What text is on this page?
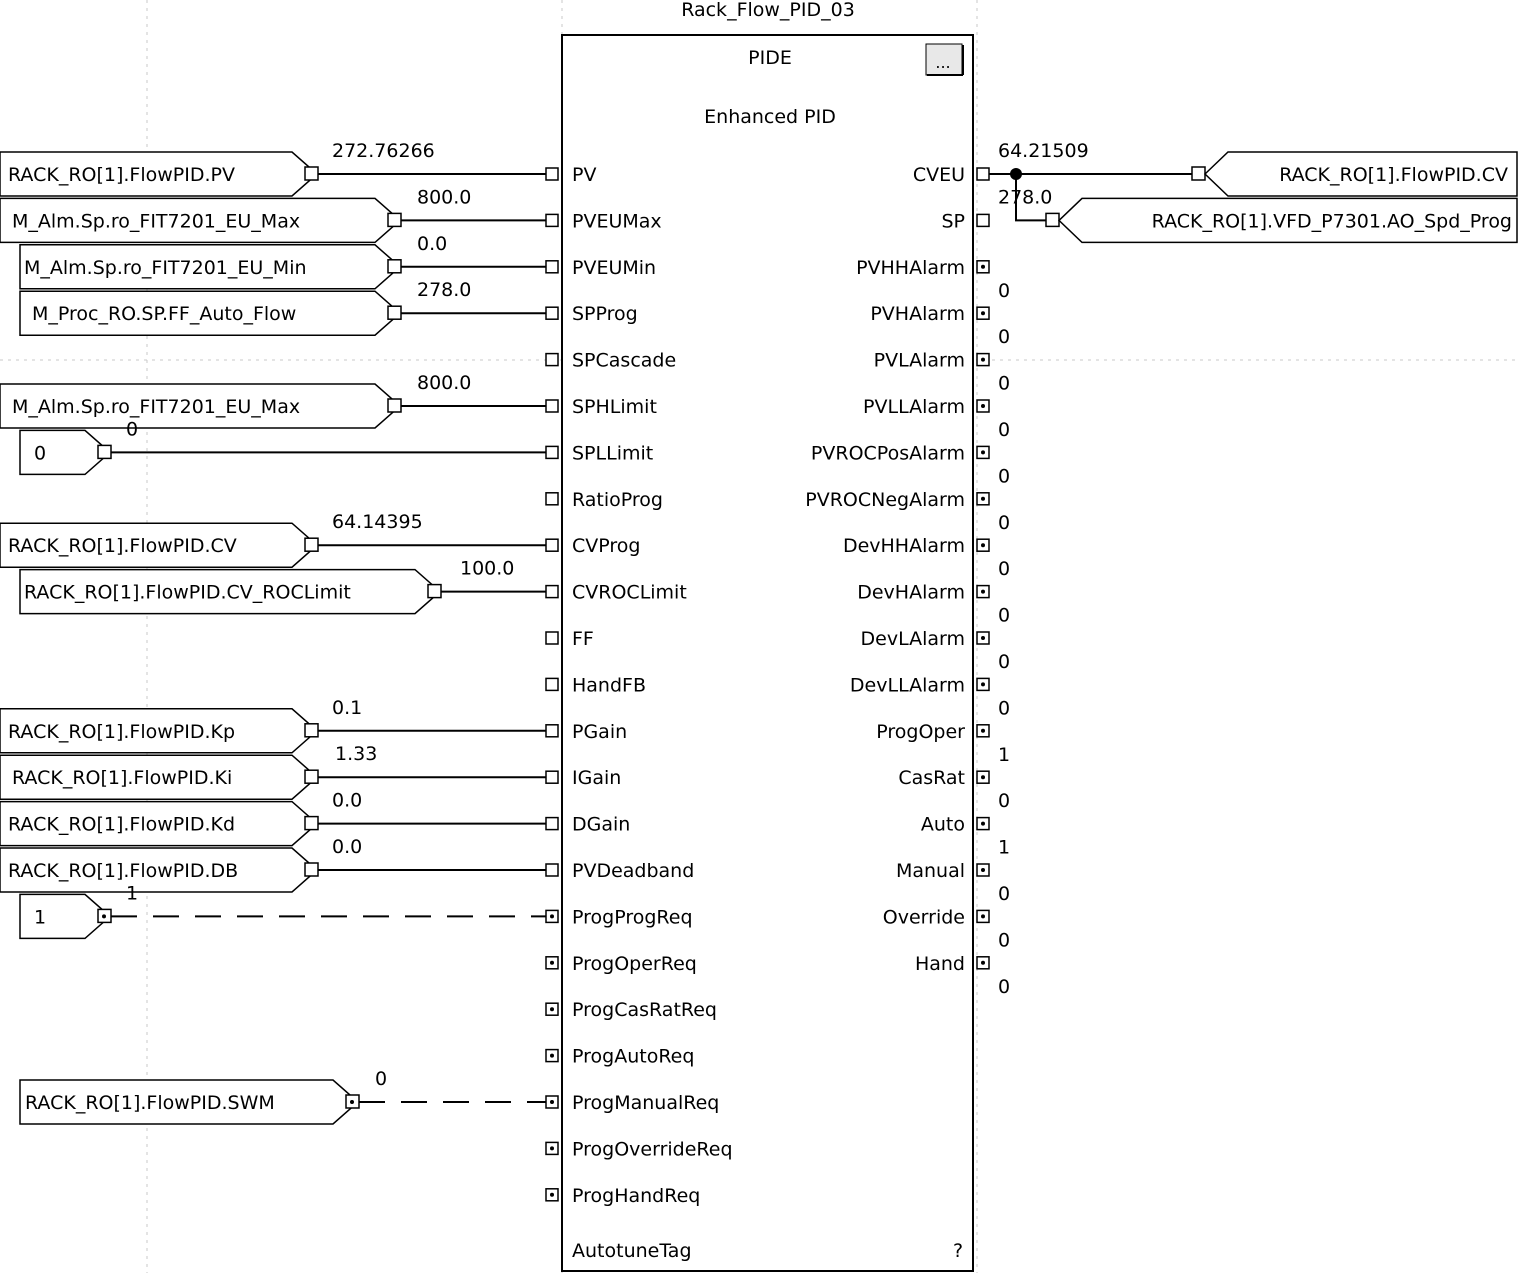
Rack_Flow_PID_03
PIDE	...
Enhanced PID
AutotuneTag	?
PV
PVEUMax
PVEUMin
SPProg
SPCascade
SPHLimit
SPLLimit
RatioProg
CVProg
CVROCLimit
FF
HandFB
PGain
IGain
DGain
PVDeadband
ProgProgReq
ProgOperReq
ProgCasRatReq
ProgAutoReq
ProgManualReq
ProgOverrideReq
ProgHandReq
CVEU
SP
PVHHAlarm
0
PVHAlarm
0
PVLAlarm
0
PVLLAlarm
0
PVROCPosAlarm
0
PVROCNegAlarm
0
DevHHAlarm
0
DevHAlarm
0
DevLAlarm
0
DevLLAlarm
0
ProgOper
1
CasRat
0
Auto
1
Manual
0
Override
0
Hand
0
RACK_RO[1].FlowPID.PV
272.76266
M_Alm.Sp.ro_FIT7201_EU_Max
800.0
M_Alm.Sp.ro_FIT7201_EU_Min
0.0
M_Proc_RO.SP.FF_Auto_Flow
278.0
M_Alm.Sp.ro_FIT7201_EU_Max
800.0
0
0
RACK_RO[1].FlowPID.CV
64.14395
RACK_RO[1].FlowPID.CV_ROCLimit
100.0
RACK_RO[1].FlowPID.Kp
0.1
RACK_RO[1].FlowPID.Ki
1.33
RACK_RO[1].FlowPID.Kd
0.0
RACK_RO[1].FlowPID.DB
0.0
1
1
RACK_RO[1].FlowPID.SWM
0
64.21509
RACK_RO[1].FlowPID.CV
278.0
RACK_RO[1].VFD_P7301.AO_Spd_Prog
